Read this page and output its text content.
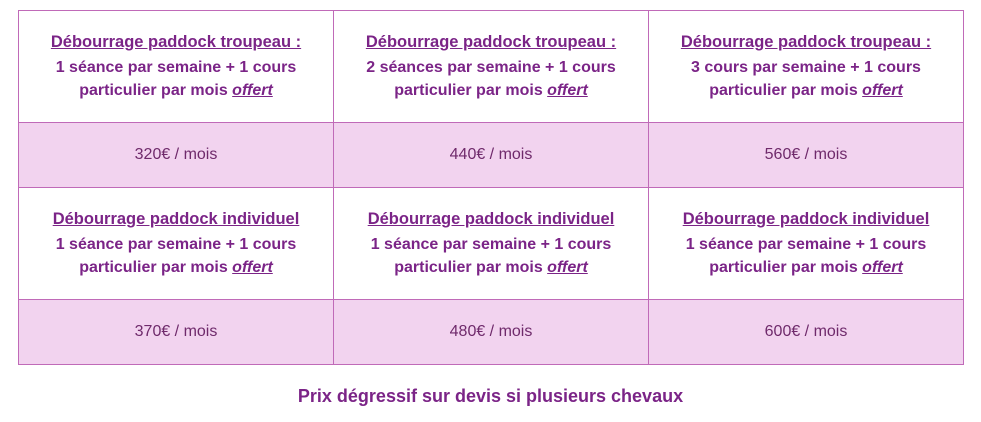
Débourrage paddock troupeau :
1 séance par semaine + 1 cours
particulier par mois offert	Débourrage paddock troupeau :
2 séances par semaine + 1 cours
particulier par mois offert	Débourrage paddock troupeau :
3 cours par semaine + 1 cours
particulier par mois offert

320€ / mois	440€ / mois	560€ / mois

Débourrage paddock individuel
1 séance par semaine + 1 cours
particulier par mois offert	Débourrage paddock individuel
1 séance par semaine + 1 cours
particulier par mois offert	Débourrage paddock individuel
1 séance par semaine + 1 cours
particulier par mois offert

370€ / mois	480€ / mois	600€ / mois
Prix dégressif sur devis si plusieurs chevaux
